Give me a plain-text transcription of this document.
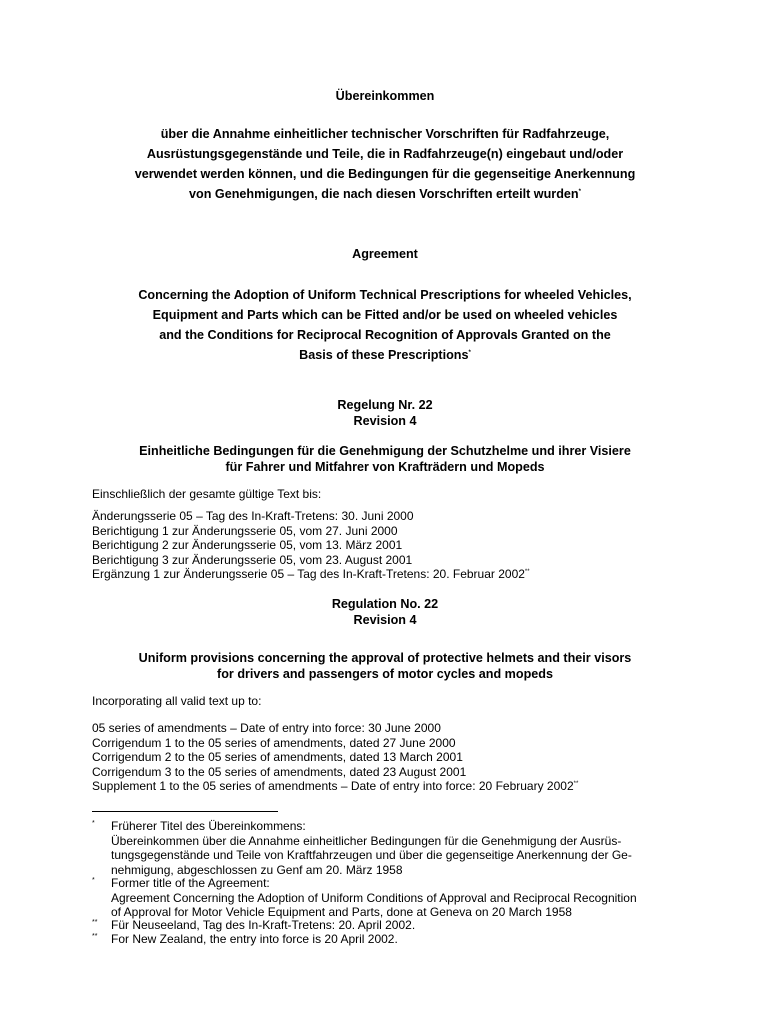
Übereinkommen
über die Annahme einheitlicher technischer Vorschriften für Radfahrzeuge,
Ausrüstungsgegenstände und Teile, die in Radfahrzeuge(n) eingebaut und/oder
verwendet werden können, und die Bedingungen für die gegenseitige Anerkennung
von Genehmigungen, die nach diesen Vorschriften erteilt wurden*
Agreement
Concerning the Adoption of Uniform Technical Prescriptions for wheeled Vehicles,
Equipment and Parts which can be Fitted and/or be used on wheeled vehicles
and the Conditions for Reciprocal Recognition of Approvals Granted on the
Basis of these Prescriptions*
Regelung Nr. 22
Revision 4
Einheitliche Bedingungen für die Genehmigung der Schutzhelme und ihrer Visiere
für Fahrer und Mitfahrer von Krafträdern und Mopeds
Einschließlich der gesamte gültige Text bis:
Änderungsserie 05 – Tag des In-Kraft-Tretens: 30. Juni 2000
Berichtigung 1 zur Änderungsserie 05, vom 27. Juni 2000
Berichtigung 2 zur Änderungsserie 05, vom 13. März 2001
Berichtigung 3 zur Änderungsserie 05, vom 23. August 2001
Ergänzung 1 zur Änderungsserie 05 – Tag des In-Kraft-Tretens: 20. Februar 2002**
Regulation No. 22
Revision 4
Uniform provisions concerning the approval of protective helmets and their visors
for drivers and passengers of motor cycles and mopeds
Incorporating all valid text up to:
05 series of amendments – Date of entry into force: 30 June 2000
Corrigendum 1 to the 05 series of amendments, dated 27 June 2000
Corrigendum 2 to the 05 series of amendments, dated 13 March 2001
Corrigendum 3 to the 05 series of amendments, dated 23 August 2001
Supplement 1 to the 05 series of amendments – Date of entry into force: 20 February 2002**
* Früherer Titel des Übereinkommens:
Übereinkommen über die Annahme einheitlicher Bedingungen für die Genehmigung der Ausrüs-
tungsgegenstände und Teile von Kraftfahrzeugen und über die gegenseitige Anerkennung der Ge-
nehmigung, abgeschlossen zu Genf am 20. März 1958
* Former title of the Agreement:
Agreement Concerning the Adoption of Uniform Conditions of Approval and Reciprocal Recognition
of Approval for Motor Vehicle Equipment and Parts, done at Geneva on 20 March 1958
** Für Neuseeland, Tag des In-Kraft-Tretens: 20. April 2002.
** For New Zealand, the entry into force is 20 April 2002.
